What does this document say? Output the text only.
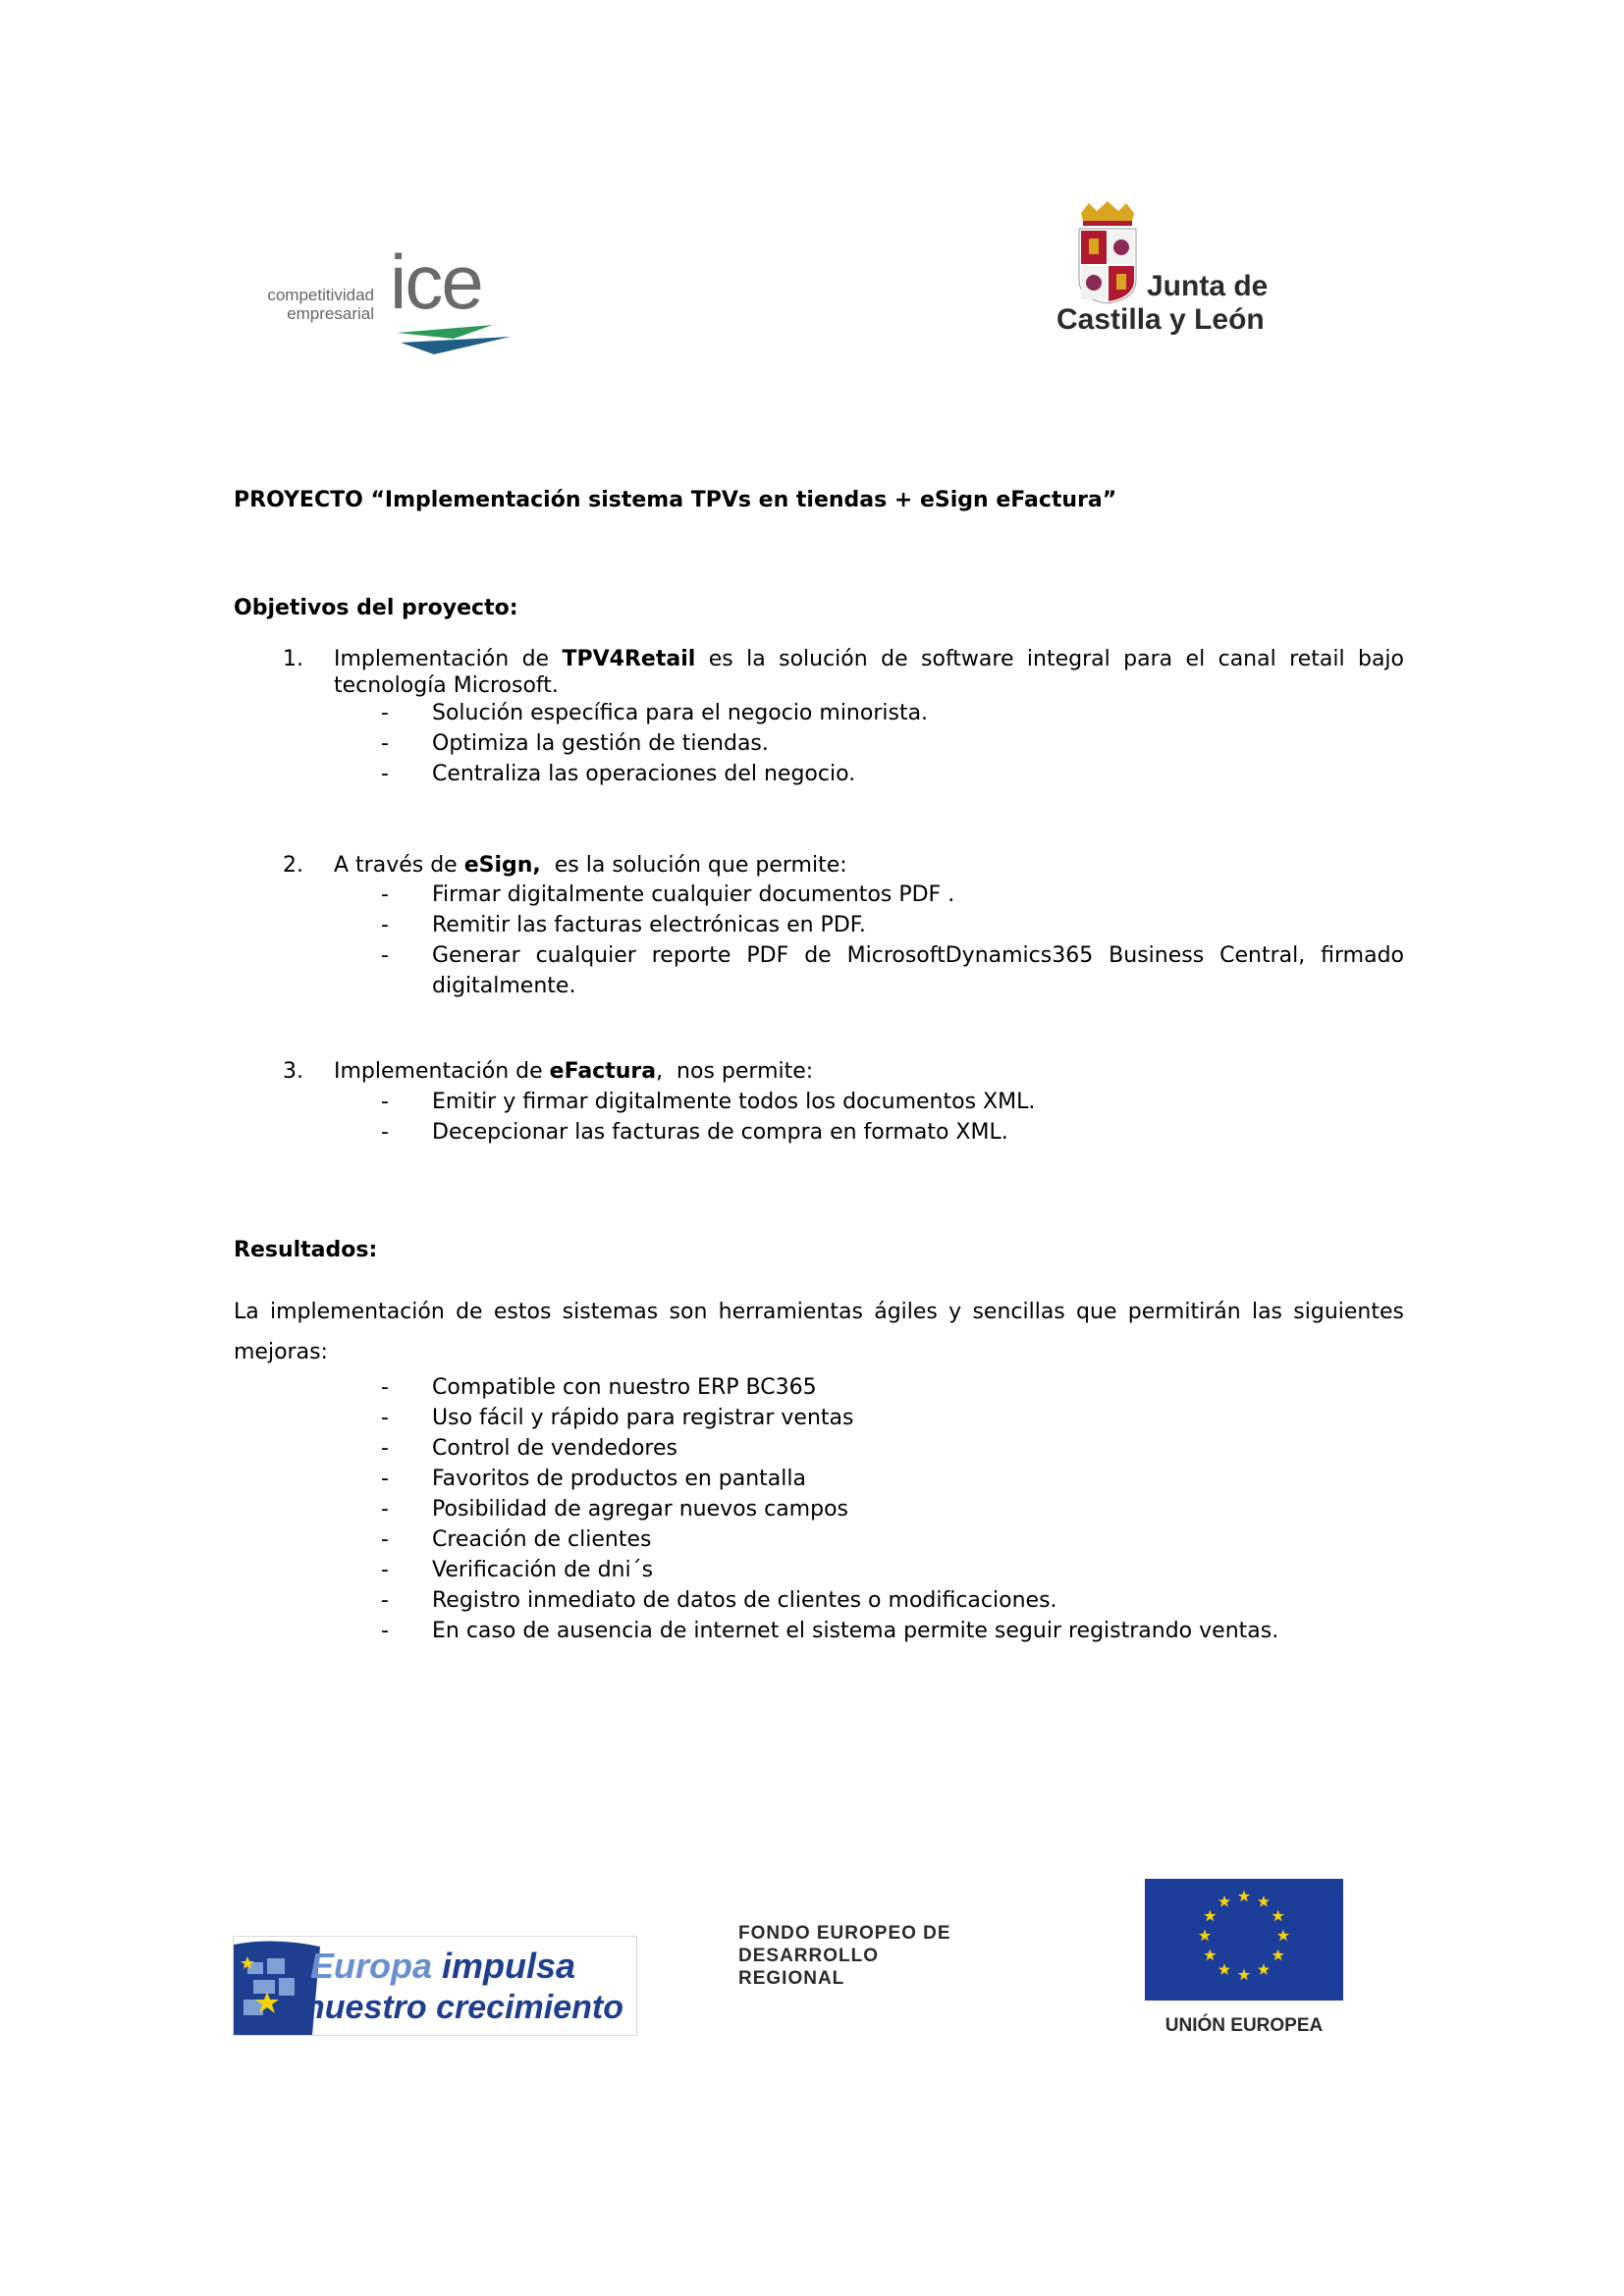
competitividad
empresarial ice	Junta de
Castilla y León
PROYECTO “Implementación sistema TPVs en tiendas + eSign eFactura”
Objetivos del proyecto:
1. Implementación de TPV4Retail es la solución de software integral para el canal retail bajo
tecnología Microsoft.
- Solución específica para el negocio minorista.
- Optimiza la gestión de tiendas.
- Centraliza las operaciones del negocio.
2. A través de eSign,  es la solución que permite:
- Firmar digitalmente cualquier documentos PDF .
- Remitir las facturas electrónicas en PDF.
- Generar cualquier reporte PDF de MicrosoftDynamics365 Business Central, firmado digitalmente.
3. Implementación de eFactura,  nos permite:
- Emitir y firmar digitalmente todos los documentos XML.
- Decepcionar las facturas de compra en formato XML.
Resultados:
La implementación de estos sistemas son herramientas ágiles y sencillas que permitirán las siguientes mejoras:
- Compatible con nuestro ERP BC365
- Uso fácil y rápido para registrar ventas
- Control de vendedores
- Favoritos de productos en pantalla
- Posibilidad de agregar nuevos campos
- Creación de clientes
- Verificación de dni´s
- Registro inmediato de datos de clientes o modificaciones.
- En caso de ausencia de internet el sistema permite seguir registrando ventas.
Europa impulsa
nuestro crecimiento
FONDO EUROPEO DE
DESARROLLO
REGIONAL
UNIÓN EUROPEA
